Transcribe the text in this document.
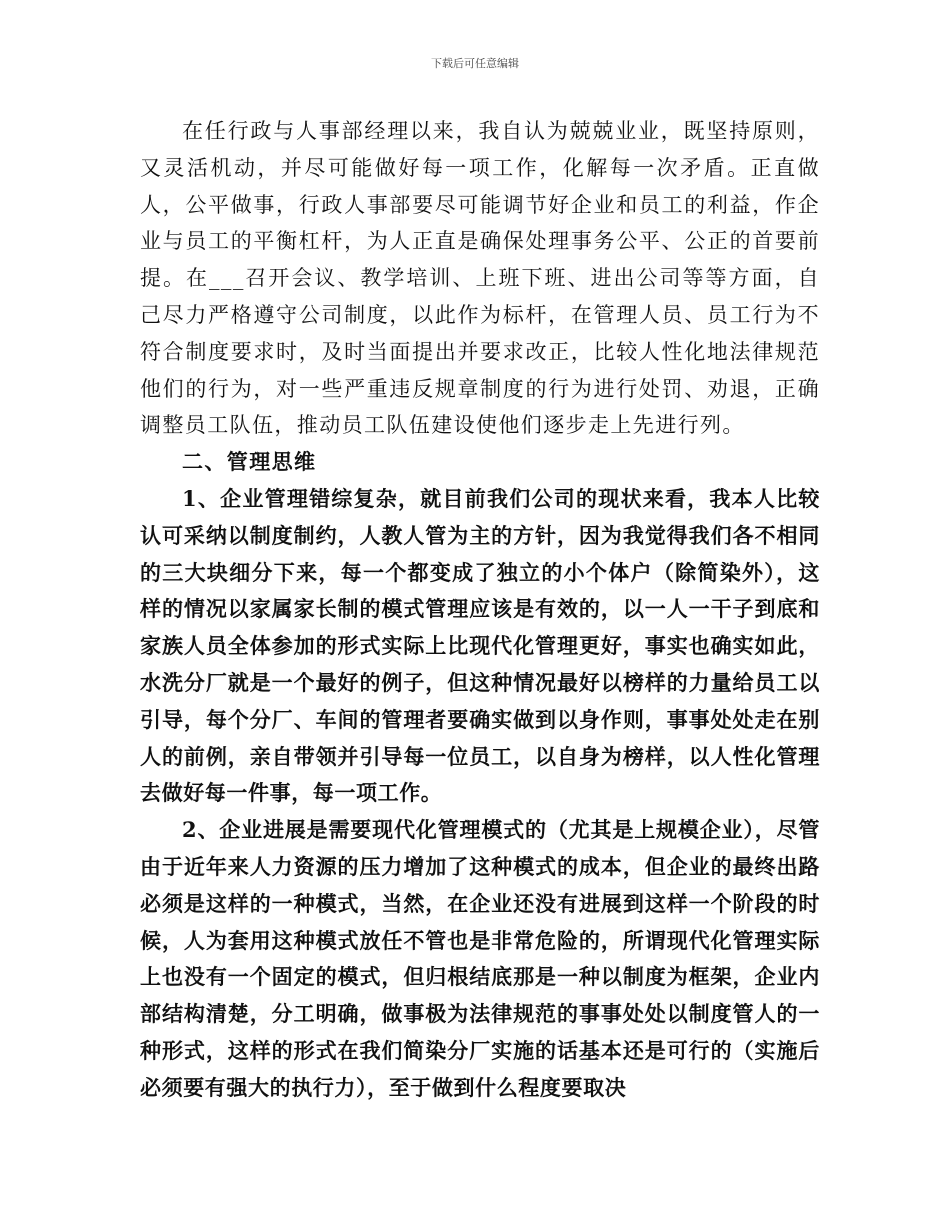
下载后可任意编辑

在任行政与人事部经理以来，我自认为兢兢业业，既坚持原则，又灵活机动，并尽可能做好每一项工作，化解每一次矛盾。正直做人，公平做事，行政人事部要尽可能调节好企业和员工的利益，作企业与员工的平衡杠杆，为人正直是确保处理事务公平、公正的首要前提。在___召开会议、教学培训、上班下班、进出公司等等方面，自己尽力严格遵守公司制度，以此作为标杆，在管理人员、员工行为不符合制度要求时，及时当面提出并要求改正，比较人性化地法律规范他们的行为，对一些严重违反规章制度的行为进行处罚、劝退，正确调整员工队伍，推动员工队伍建设使他们逐步走上先进行列。

二、管理思维

1、企业管理错综复杂，就目前我们公司的现状来看，我本人比较认可采纳以制度制约，人教人管为主的方针，因为我觉得我们各不相同的三大块细分下来，每一个都变成了独立的小个体户（除简染外），这样的情况以家属家长制的模式管理应该是有效的，以一人一干子到底和家族人员全体参加的形式实际上比现代化管理更好，事实也确实如此，水洗分厂就是一个最好的例子，但这种情况最好以榜样的力量给员工以引导，每个分厂、车间的管理者要确实做到以身作则，事事处处走在别人的前例，亲自带领并引导每一位员工，以自身为榜样，以人性化管理去做好每一件事，每一项工作。

2、企业进展是需要现代化管理模式的（尤其是上规模企业），尽管由于近年来人力资源的压力增加了这种模式的成本，但企业的最终出路必须是这样的一种模式，当然，在企业还没有进展到这样一个阶段的时候，人为套用这种模式放任不管也是非常危险的，所谓现代化管理实际上也没有一个固定的模式，但归根结底那是一种以制度为框架，企业内部结构清楚，分工明确，做事极为法律规范的事事处处以制度管人的一种形式，这样的形式在我们简染分厂实施的话基本还是可行的（实施后必须要有强大的执行力），至于做到什么程度要取决
